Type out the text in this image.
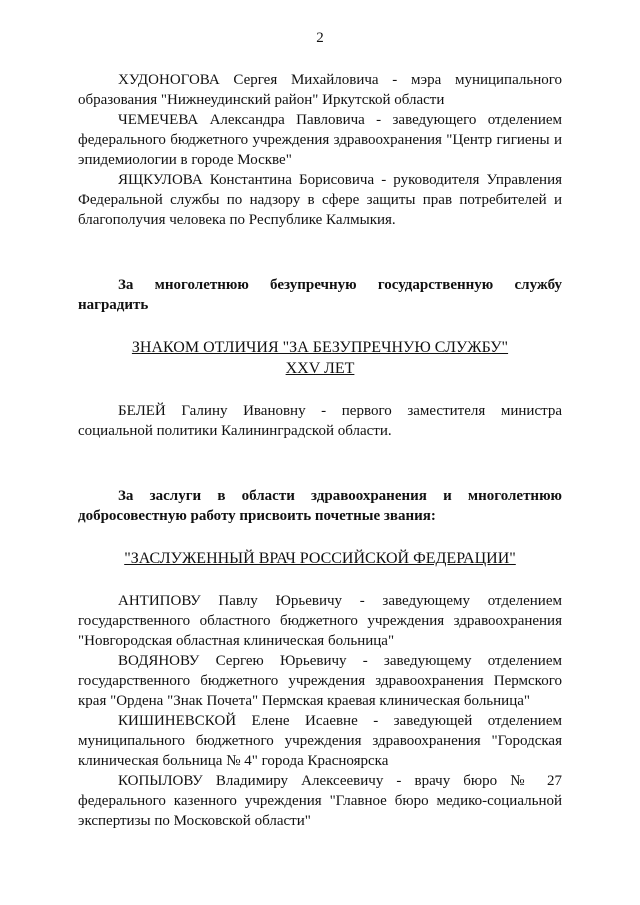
2

ХУДОНОГОВА Сергея Михайловича - мэра муниципального образования "Нижнеудинский район" Иркутской области

ЧЕМЕЧЕВА Александра Павловича - заведующего отделением федерального бюджетного учреждения здравоохранения "Центр гигиены и эпидемиологии в городе Москве"

ЯЩКУЛОВА Константина Борисовича - руководителя Управления Федеральной службы по надзору в сфере защиты прав потребителей и благополучия человека по Республике Калмыкия.

За многолетнюю безупречную государственную службу наградить

ЗНАКОМ ОТЛИЧИЯ "ЗА БЕЗУПРЕЧНУЮ СЛУЖБУ"

XXV ЛЕТ

БЕЛЕЙ Галину Ивановну - первого заместителя министра социальной политики Калининградской области.

За заслуги в области здравоохранения и многолетнюю добросовестную работу присвоить почетные звания:

"ЗАСЛУЖЕННЫЙ ВРАЧ РОССИЙСКОЙ ФЕДЕРАЦИИ"

АНТИПОВУ Павлу Юрьевичу - заведующему отделением государственного областного бюджетного учреждения здравоохранения "Новгородская областная клиническая больница"

ВОДЯНОВУ Сергею Юрьевичу - заведующему отделением государственного бюджетного учреждения здравоохранения Пермского края "Ордена "Знак Почета" Пермская краевая клиническая больница"

КИШИНЕВСКОЙ Елене Исаевне - заведующей отделением муниципального бюджетного учреждения здравоохранения "Городская клиническая больница № 4" города Красноярска

КОПЫЛОВУ Владимиру Алексеевичу - врачу бюро № 27 федерального казенного учреждения "Главное бюро медико-социальной экспертизы по Московской области"
